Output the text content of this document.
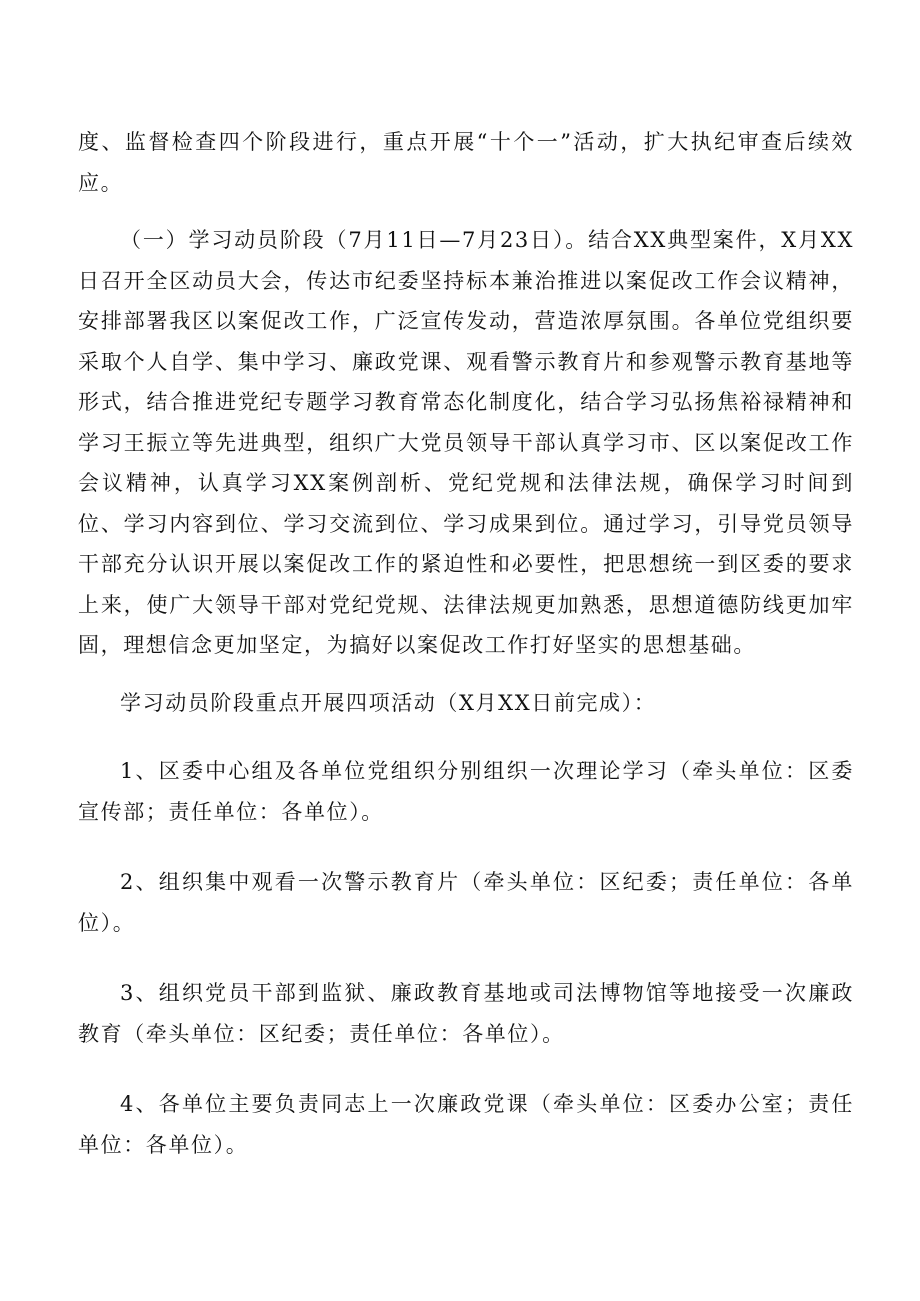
度、监督检查四个阶段进行，重点开展“十个一”活动，扩大执纪审查后续效应。

（一）学习动员阶段（7月11日—7月23日）。结合XX典型案件，X月XX日召开全区动员大会，传达市纪委坚持标本兼治推进以案促改工作会议精神，安排部署我区以案促改工作，广泛宣传发动，营造浓厚氛围。各单位党组织要采取个人自学、集中学习、廉政党课、观看警示教育片和参观警示教育基地等形式，结合推进党纪专题学习教育常态化制度化，结合学习弘扬焦裕禄精神和学习王振立等先进典型，组织广大党员领导干部认真学习市、区以案促改工作会议精神，认真学习XX案例剖析、党纪党规和法律法规，确保学习时间到位、学习内容到位、学习交流到位、学习成果到位。通过学习，引导党员领导干部充分认识开展以案促改工作的紧迫性和必要性，把思想统一到区委的要求上来，使广大领导干部对党纪党规、法律法规更加熟悉，思想道德防线更加牢固，理想信念更加坚定，为搞好以案促改工作打好坚实的思想基础。

学习动员阶段重点开展四项活动（X月XX日前完成）：

1、区委中心组及各单位党组织分别组织一次理论学习（牵头单位：区委宣传部；责任单位：各单位）。

2、组织集中观看一次警示教育片（牵头单位：区纪委；责任单位：各单位）。

3、组织党员干部到监狱、廉政教育基地或司法博物馆等地接受一次廉政教育（牵头单位：区纪委；责任单位：各单位）。

4、各单位主要负责同志上一次廉政党课（牵头单位：区委办公室；责任单位：各单位）。
